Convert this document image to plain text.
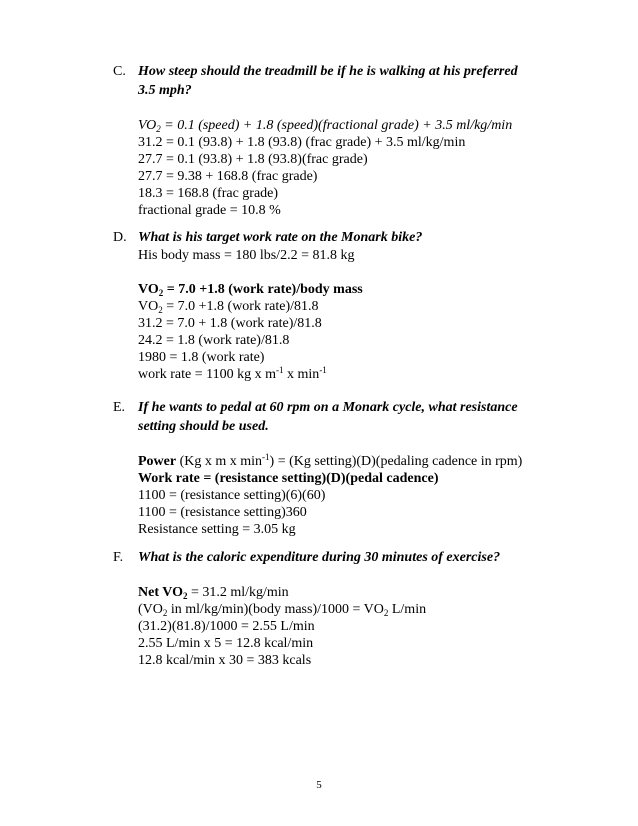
C. How steep should the treadmill be if he is walking at his preferred
3.5 mph?
$VO_2 = 0.1$ (speed) + 1.8 (speed)(fractional grade) + 3.5 ml/kg/min
31.2 = 0.1 (93.8) + 1.8 (93.8) (frac grade) + 3.5 ml/kg/min
27.7 = 0.1 (93.8) + 1.8 (93.8)(frac grade)
27.7 = 9.38 + 168.8 (frac grade)
18.3 = 168.8 (frac grade)
fractional grade = 10.8 %
D. What is his target work rate on the Monark bike?
His body mass = 180 lbs/2.2 = 81.8 kg
$VO_2 = 7.0 +1.8$ (work rate)/body mass
$VO_2 = 7.0 +1.8$ (work rate)/81.8
31.2 = 7.0 + 1.8 (work rate)/81.8
24.2 = 1.8 (work rate)/81.8
1980 = 1.8 (work rate)
work rate = 1100 kg x $m^{-1}$ x $\min^{-1}$
E. If he wants to pedal at 60 rpm on a Monark cycle, what resistance
setting should be used.
Power (Kg x m x $\min^{-1}) = (Kg$ setting)(D)(pedaling cadence in rpm)
Work rate = (resistance setting)(D)(pedal cadence)
1100 = (resistance setting)(6)(60)
1100 = (resistance setting)360
Resistance setting = 3.05 kg
F.	What is the caloric expenditure during 30 minutes of exercise?
Net $VO_2 = 31.2$ ml/kg/min
($VO_2$ in ml/kg/min)(body mass)/1000 = $VO_2$ L/min
(31.2)(81.8)/1000 = 2.55 L/min
2.55 L/min x 5 = 12.8 kcal/min
12.8 kcal/min x 30 = 383 kcals
5
